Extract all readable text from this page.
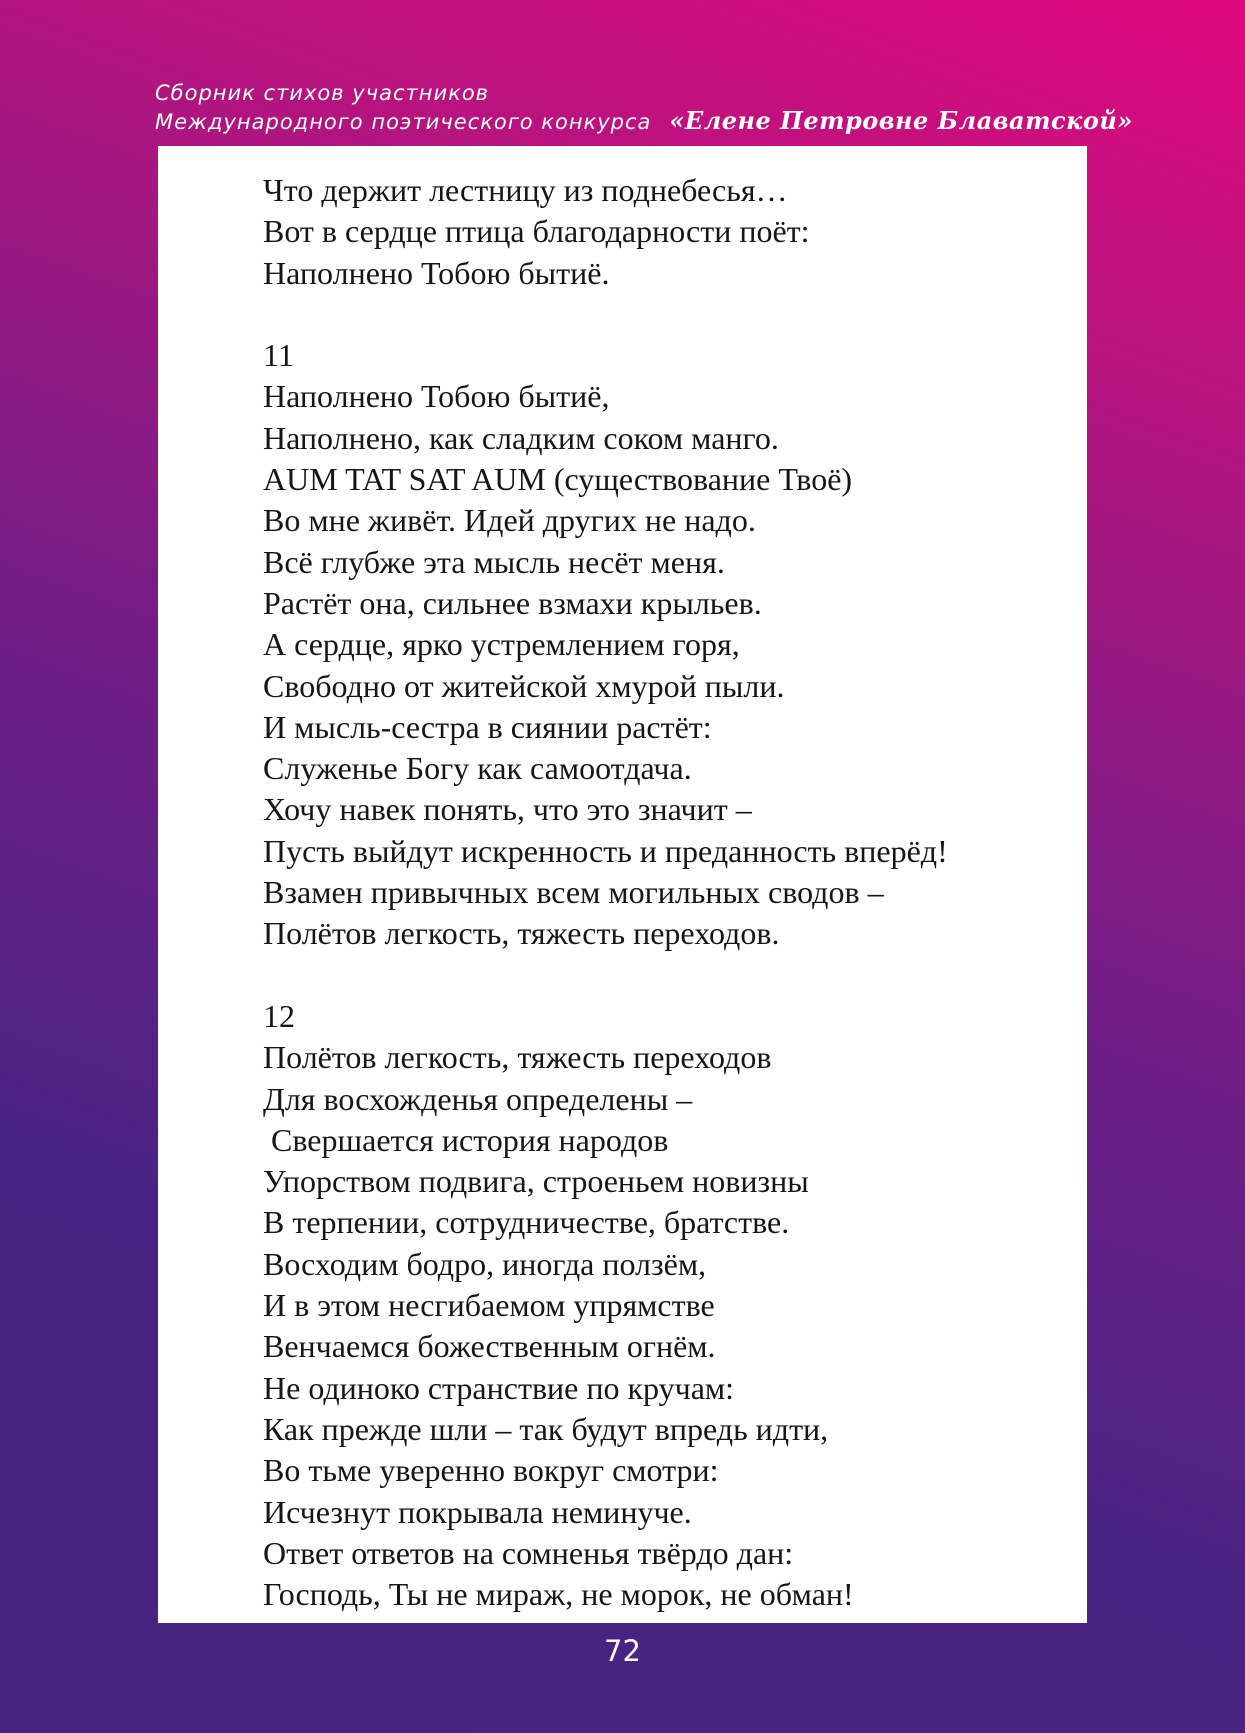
Сборник стихов участников
Международного поэтического конкурса «Елене Петровне Блаватской»
Что держит лестницу из поднебесья…
Вот в сердце птица благодарности поёт:
Наполнено Тобою бытиё.
11
Наполнено Тобою бытиё,
Наполнено, как сладким соком манго.
AUM TAT SAT AUM (существование Твоё)
Во мне живёт. Идей других не надо.
Всё глубже эта мысль несёт меня.
Растёт она, сильнее взмахи крыльев.
А сердце, ярко устремлением горя,
Свободно от житейской хмурой пыли.
И мысль-сестра в сиянии растёт:
Служенье Богу как самоотдача.
Хочу навек понять, что это значит –
Пусть выйдут искренность и преданность вперёд!
Взамен привычных всем могильных сводов –
Полётов легкость, тяжесть переходов.
12
Полётов легкость, тяжесть переходов
Для восхожденья определены –
Свершается история народов
Упорством подвига, строеньем новизны
В терпении, сотрудничестве, братстве.
Восходим бодро, иногда ползём,
И в этом несгибаемом упрямстве
Венчаемся божественным огнём.
Не одиноко странствие по кручам:
Как прежде шли – так будут впредь идти,
Во тьме уверенно вокруг смотри:
Исчезнут покрывала неминуче.
Ответ ответов на сомненья твёрдо дан:
Господь, Ты не мираж, не морок, не обман!
72
